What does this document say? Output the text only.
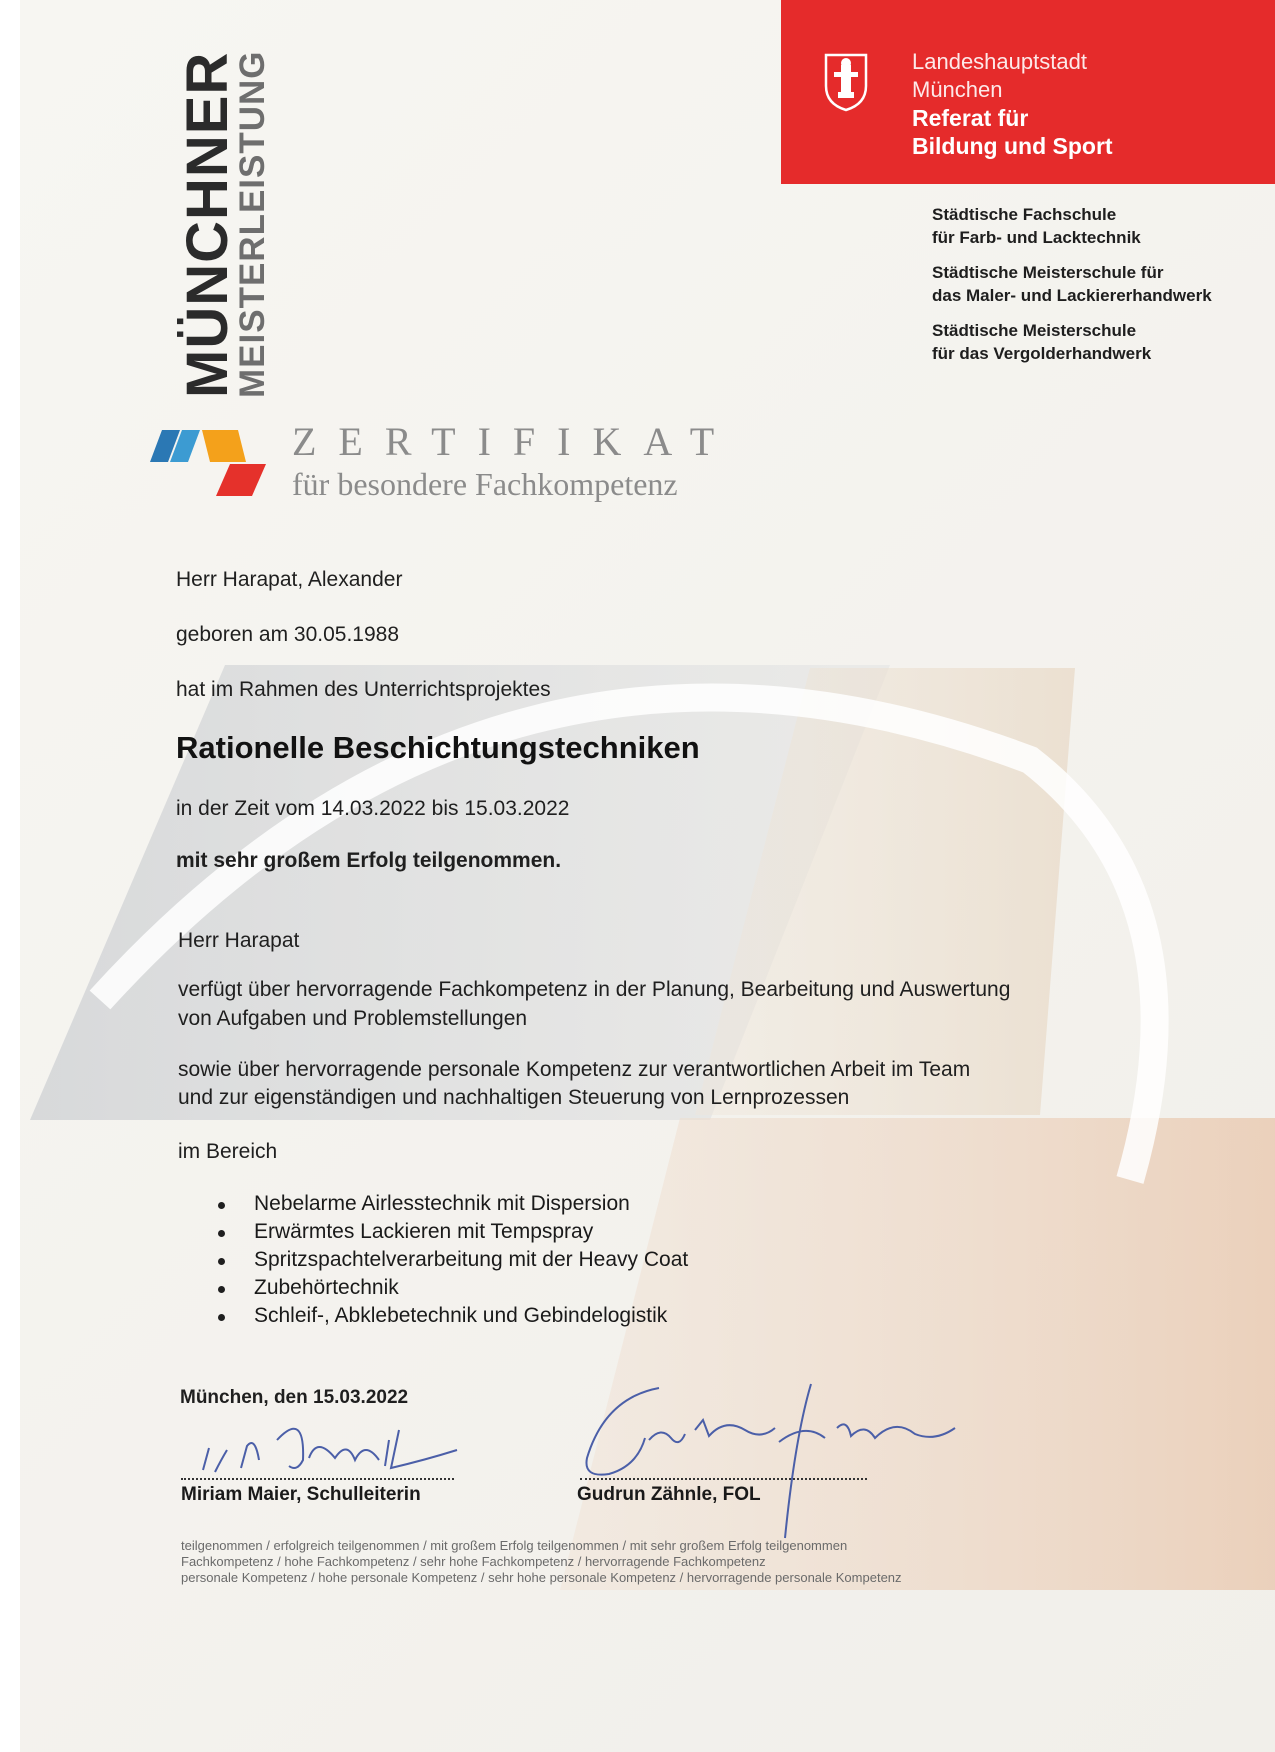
MÜNCHNER
MEISTERLEISTUNG	Landeshauptstadt
München
Referat für
Bildung und Sport
Städtische Fachschule
für Farb- und Lacktechnik
Städtische Meisterschule für
das Maler- und Lackiererhandwerk
Städtische Meisterschule
für das Vergolderhandwerk
ZERTIFIKAT
für besondere Fachkompetenz
Herr Harapat, Alexander
geboren am 30.05.1988
hat im Rahmen des Unterrichtsprojektes
Rationelle Beschichtungstechniken
in der Zeit vom 14.03.2022 bis 15.03.2022
mit sehr großem Erfolg teilgenommen.
Herr Harapat
verfügt über hervorragende Fachkompetenz in der Planung, Bearbeitung und Auswertung
von Aufgaben und Problemstellungen
sowie über hervorragende personale Kompetenz zur verantwortlichen Arbeit im Team
und zur eigenständigen und nachhaltigen Steuerung von Lernprozessen
im Bereich
Nebelarme Airlesstechnik mit Dispersion
Erwärmtes Lackieren mit Tempspray
Spritzspachtelverarbeitung mit der Heavy Coat
Zubehörtechnik
Schleif-, Abklebetechnik und Gebindelogistik
München, den 15.03.2022
Miriam Maier, Schulleiterin	Gudrun Zähnle, FOL
teilgenommen / erfolgreich teilgenommen / mit großem Erfolg teilgenommen / mit sehr großem Erfolg teilgenommen
Fachkompetenz / hohe Fachkompetenz / sehr hohe Fachkompetenz / hervorragende Fachkompetenz
personale Kompetenz / hohe personale Kompetenz / sehr hohe personale Kompetenz / hervorragende personale Kompetenz
